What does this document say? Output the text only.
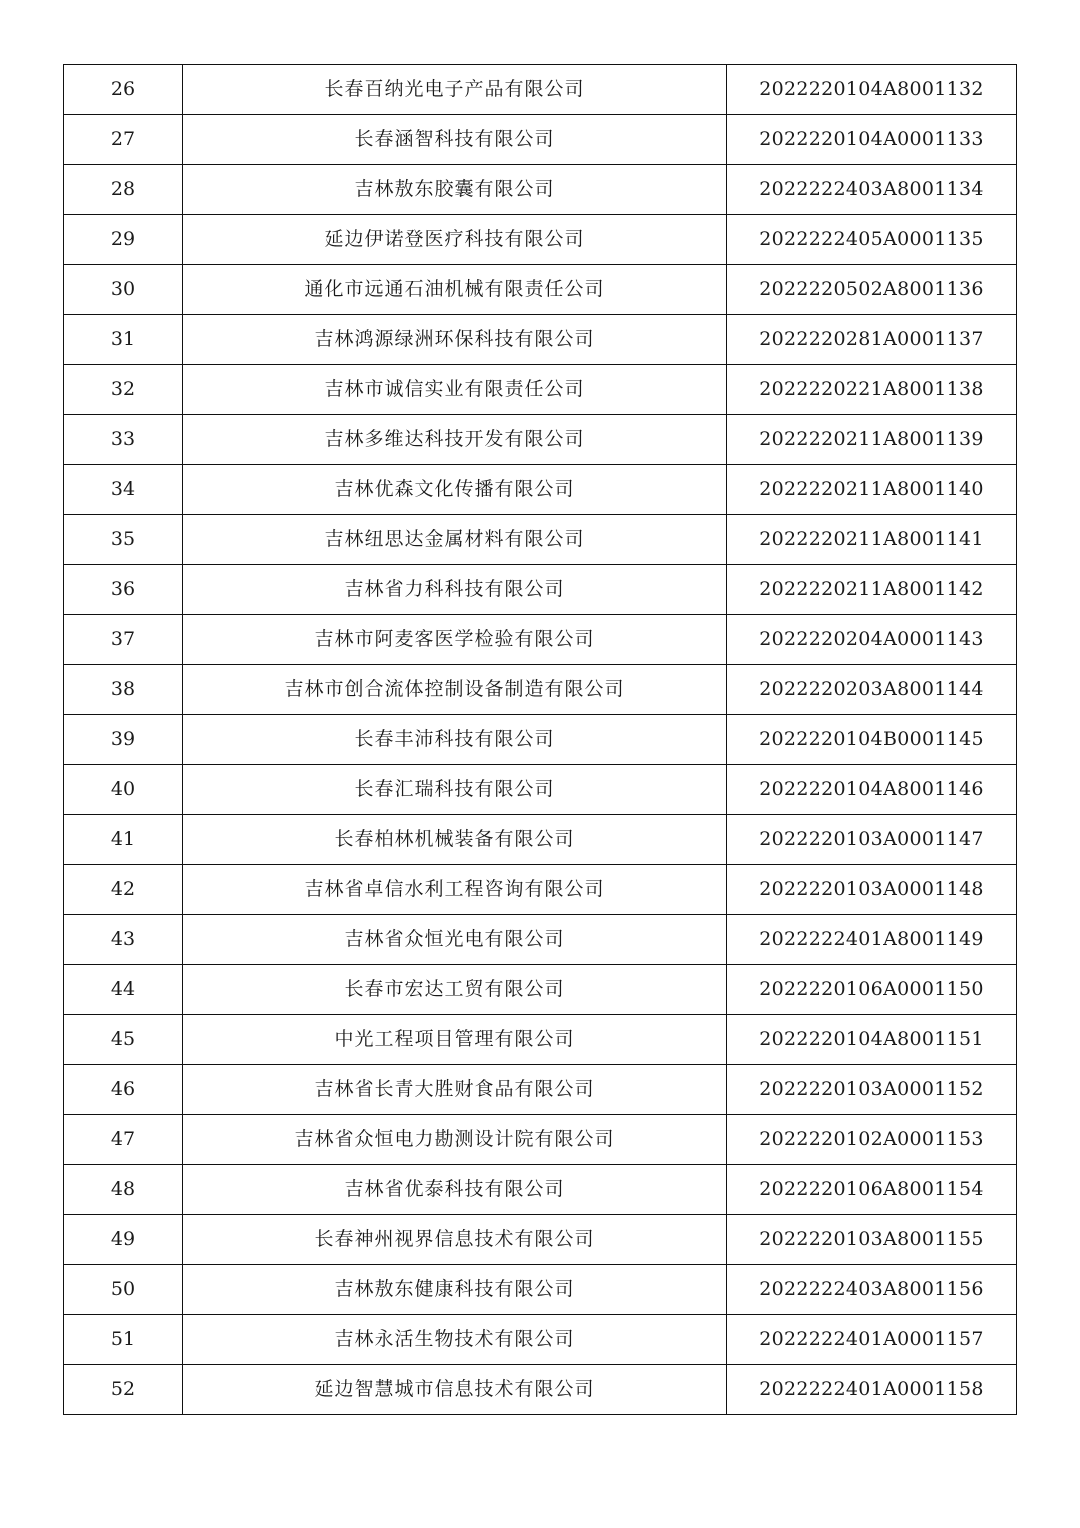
26	长春百纳光电子产品有限公司	2022220104A8001132
27	长春涵智科技有限公司	2022220104A0001133
28	吉林敖东胶囊有限公司	2022222403A8001134
29	延边伊诺登医疗科技有限公司	2022222405A0001135
30	通化市远通石油机械有限责任公司	2022220502A8001136
31	吉林鸿源绿洲环保科技有限公司	2022220281A0001137
32	吉林市诚信实业有限责任公司	2022220221A8001138
33	吉林多维达科技开发有限公司	2022220211A8001139
34	吉林优森文化传播有限公司	2022220211A8001140
35	吉林纽思达金属材料有限公司	2022220211A8001141
36	吉林省力科科技有限公司	2022220211A8001142
37	吉林市阿麦客医学检验有限公司	2022220204A0001143
38	吉林市创合流体控制设备制造有限公司	2022220203A8001144
39	长春丰沛科技有限公司	2022220104B0001145
40	长春汇瑞科技有限公司	2022220104A8001146
41	长春柏林机械装备有限公司	2022220103A0001147
42	吉林省卓信水利工程咨询有限公司	2022220103A0001148
43	吉林省众恒光电有限公司	2022222401A8001149
44	长春市宏达工贸有限公司	2022220106A0001150
45	中光工程项目管理有限公司	2022220104A8001151
46	吉林省长青大胜财食品有限公司	2022220103A0001152
47	吉林省众恒电力勘测设计院有限公司	2022220102A0001153
48	吉林省优泰科技有限公司	2022220106A8001154
49	长春神州视界信息技术有限公司	2022220103A8001155
50	吉林敖东健康科技有限公司	2022222403A8001156
51	吉林永活生物技术有限公司	2022222401A0001157
52	延边智慧城市信息技术有限公司	2022222401A0001158
